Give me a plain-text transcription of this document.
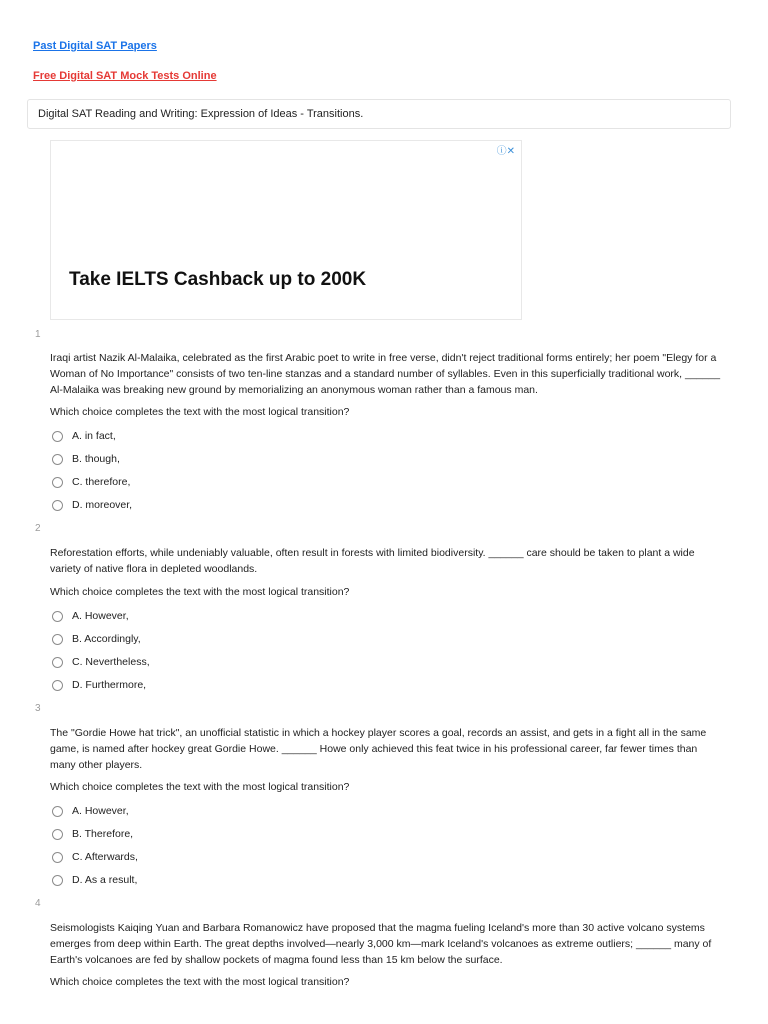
Past Digital SAT Papers
Free Digital SAT Mock Tests Online
Digital SAT Reading and Writing: Expression of Ideas - Transitions.
ⓘ✕
Take IELTS Cashback up to 200K
1
Iraqi artist Nazik Al-Malaika, celebrated as the first Arabic poet to write in free verse, didn't reject traditional forms entirely; her poem "Elegy for a Woman of No Importance" consists of two ten-line stanzas and a standard number of syllables. Even in this superficially traditional work, ______ Al-Malaika was breaking new ground by memorializing an anonymous woman rather than a famous man.
Which choice completes the text with the most logical transition?
A. in fact,
B. though,
C. therefore,
D. moreover,
2
Reforestation efforts, while undeniably valuable, often result in forests with limited biodiversity. ______ care should be taken to plant a wide variety of native flora in depleted woodlands.
Which choice completes the text with the most logical transition?
A. However,
B. Accordingly,
C. Nevertheless,
D. Furthermore,
3
The "Gordie Howe hat trick", an unofficial statistic in which a hockey player scores a goal, records an assist, and gets in a fight all in the same game, is named after hockey great Gordie Howe. ______ Howe only achieved this feat twice in his professional career, far fewer times than many other players.
Which choice completes the text with the most logical transition?
A. However,
B. Therefore,
C. Afterwards,
D. As a result,
4
Seismologists Kaiqing Yuan and Barbara Romanowicz have proposed that the magma fueling Iceland's more than 30 active volcano systems emerges from deep within Earth. The great depths involved—nearly 3,000 km—mark Iceland's volcanoes as extreme outliers; ______ many of Earth's volcanoes are fed by shallow pockets of magma found less than 15 km below the surface.
Which choice completes the text with the most logical transition?
